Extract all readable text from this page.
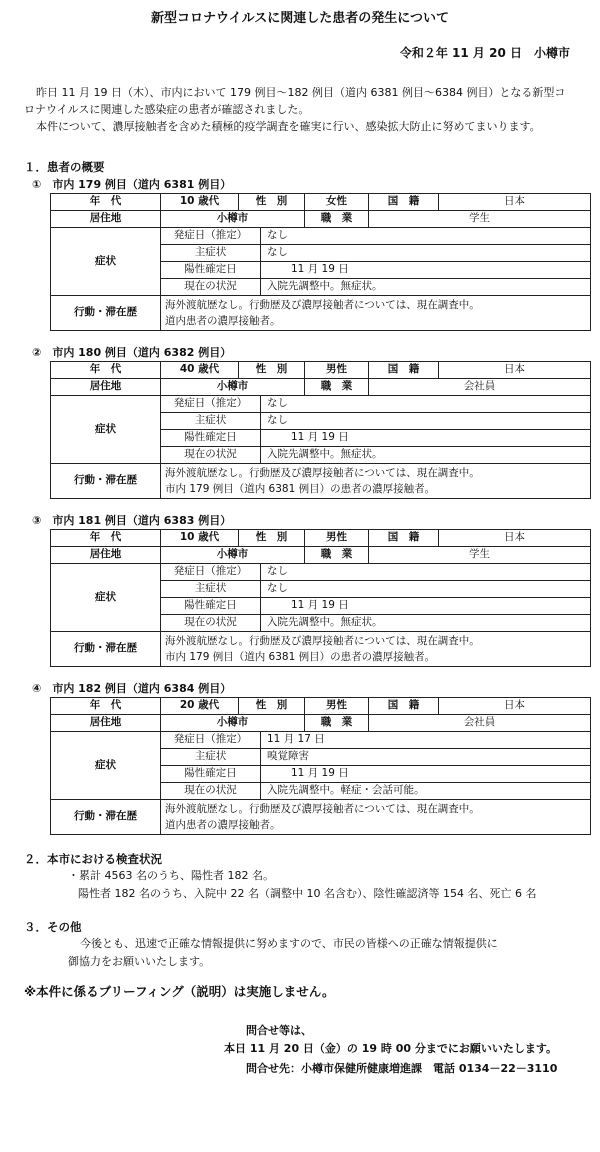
新型コロナウイルスに関連した患者の発生について
令和２年 11 月 20 日　小樽市

昨日 11 月 19 日（木）、市内において 179 例目～182 例目（道内 6381 例目～6384 例目）となる新型コロナウイルスに関連した感染症の患者が確認されました。

本件について、濃厚接触者を含めた積極的疫学調査を確実に行い、感染拡大防止に努めてまいります。

１．患者の概要
①　市内 179 例目（道内 6381 例目）
年　代	10 歳代	性　別		女性	国　籍	日本
居住地	小樽市			職　業	学生	
症状	発症日（推定）		なし			
	主症状		なし			
	陽性確定日		11 月 19 日			
	現在の状況		入院先調整中。無症状。			
行動・滞在歴	海外渡航歴なし。行動歴及び濃厚接触者については、現在調査中。
道内患者の濃厚接触者。					
②　市内 180 例目（道内 6382 例目）
年　代	40 歳代	性　別		男性	国　籍	日本
居住地	小樽市			職　業	会社員	
症状	発症日（推定）		なし			
	主症状		なし			
	陽性確定日		11 月 19 日			
	現在の状況		入院先調整中。無症状。			
行動・滞在歴	海外渡航歴なし。行動歴及び濃厚接触者については、現在調査中。
市内 179 例目（道内 6381 例目）の患者の濃厚接触者。					
③　市内 181 例目（道内 6383 例目）
年　代	10 歳代	性　別		男性	国　籍	日本
居住地	小樽市			職　業	学生	
症状	発症日（推定）		なし			
	主症状		なし			
	陽性確定日		11 月 19 日			
	現在の状況		入院先調整中。無症状。			
行動・滞在歴	海外渡航歴なし。行動歴及び濃厚接触者については、現在調査中。
市内 179 例目（道内 6381 例目）の患者の濃厚接触者。					
④　市内 182 例目（道内 6384 例目）
年　代	20 歳代	性　別		男性	国　籍	日本
居住地	小樽市			職　業	会社員	
症状	発症日（推定）		11 月 17 日			
	主症状		嗅覚障害			
	陽性確定日		11 月 19 日			
	現在の状況		入院先調整中。軽症・会話可能。			
行動・滞在歴	海外渡航歴なし。行動歴及び濃厚接触者については、現在調査中。
道内患者の濃厚接触者。					
２．本市における検査状況
・累計 4563 名のうち、陽性者 182 名。
陽性者 182 名のうち、入院中 22 名（調整中 10 名含む）、陰性確認済等 154 名、死亡 6 名
３．その他

今後とも、迅速で正確な情報提供に努めますので、市民の皆様への正確な情報提供に

御協力をお願いいたします。

※本件に係るブリーフィング（説明）は実施しません。
問合せ等は、
本日 11 月 20 日（金）の 19 時 00 分までにお願いいたします。
問合せ先：小樽市保健所健康増進課　電話 0134－22－3110
